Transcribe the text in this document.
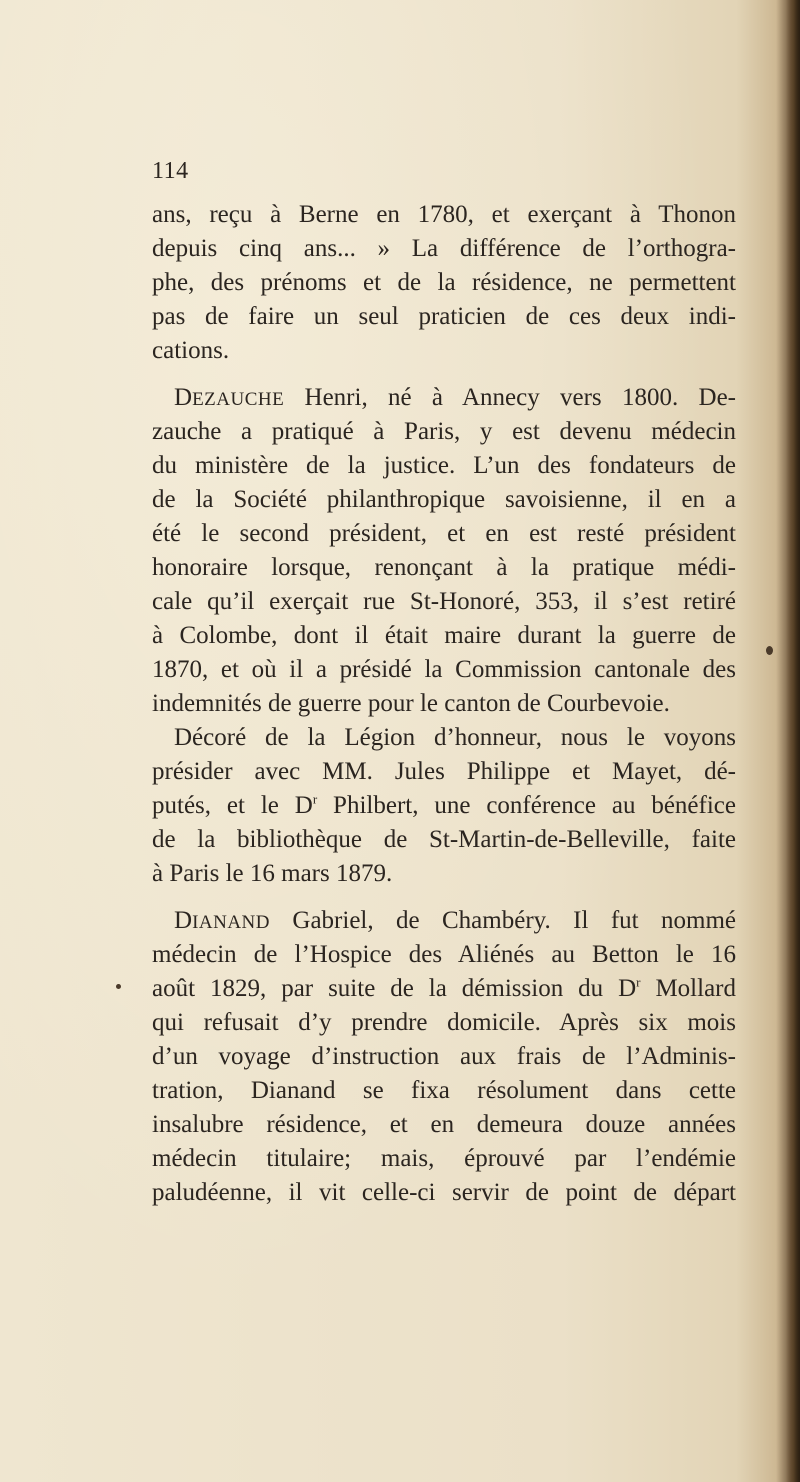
114
ans, reçu à Berne en 1780, et exerçant à Thonon
depuis cinq ans... » La différence de l’orthogra-
phe, des prénoms et de la résidence, ne permettent
pas de faire un seul praticien de ces deux indi-
cations.
DEZAUCHE Henri, né à Annecy vers 1800. De-
zauche a pratiqué à Paris, y est devenu médecin
du ministère de la justice. L’un des fondateurs de
de la Société philanthropique savoisienne, il en a
été le second président, et en est resté président
honoraire lorsque, renonçant à la pratique médi-
cale qu’il exerçait rue St-Honoré, 353, il s’est retiré
à Colombe, dont il était maire durant la guerre de
1870, et où il a présidé la Commission cantonale des
indemnités de guerre pour le canton de Courbevoie.
Décoré de la Légion d’honneur, nous le voyons
présider avec MM. Jules Philippe et Mayet, dé-
putés, et le $D^r$ Philbert, une conférence au bénéfice
de la bibliothèque de St-Martin-de-Belleville, faite
à Paris le 16 mars 1879.
DIANAND Gabriel, de Chambéry. Il fut nommé
médecin de l’Hospice des Aliénés au Betton le 16
août 1829, par suite de la démission du $D^r$ Mollard
qui refusait d’y prendre domicile. Après six mois
d’un voyage d’instruction aux frais de l’Adminis-
tration, Dianand se fixa résolument dans cette
insalubre résidence, et en demeura douze années
médecin titulaire; mais, éprouvé par l’endémie
paludéenne, il vit celle-ci servir de point de départ
